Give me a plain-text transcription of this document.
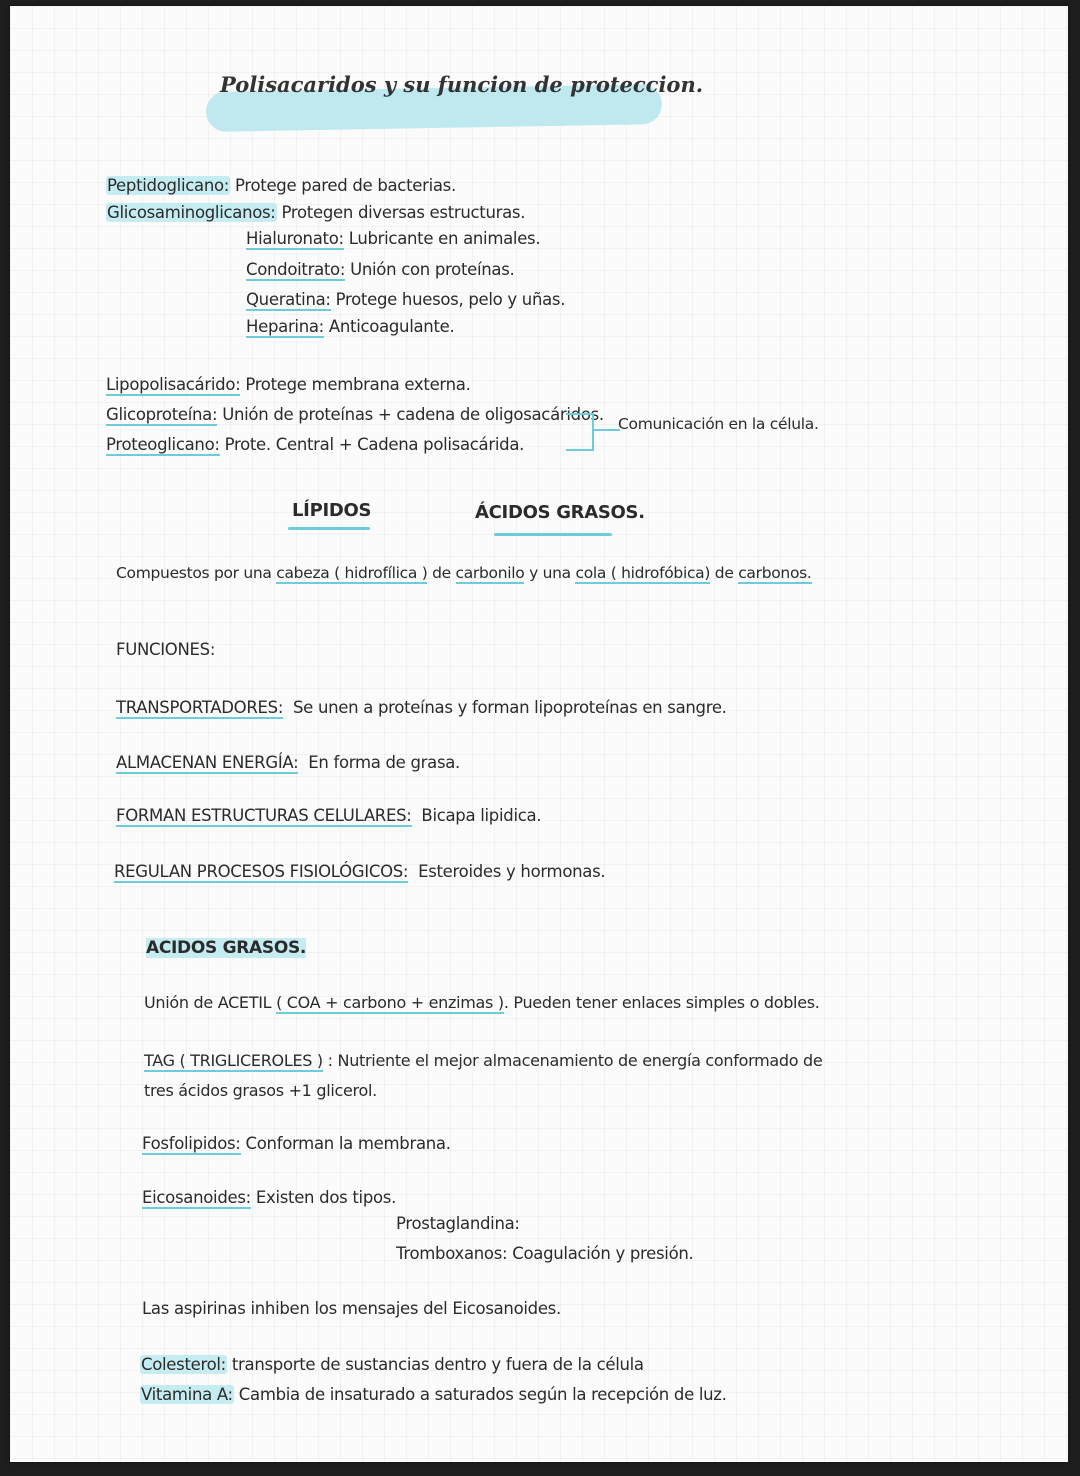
Polisacaridos y su funcion de proteccion.
Peptidoglicano: Protege pared de bacterias.
Glicosaminoglicanos: Protegen diversas estructuras.
Hialuronato: Lubricante en animales.
Condoitrato: Unión con proteínas.
Queratina: Protege huesos, pelo y uñas.
Heparina: Anticoagulante.
Lipopolisacárido: Protege membrana externa.
Glicoproteína: Unión de proteínas + cadena de oligosacáridos.
Proteoglicano: Prote. Central + Cadena polisacárida.
Comunicación en la célula.
LÍPIDOS	ÁCIDOS GRASOS.
Compuestos por una cabeza ( hidrofílica ) de carbonilo y una cola ( hidrofóbica) de carbonos.
FUNCIONES:
TRANSPORTADORES: Se unen a proteínas y forman lipoproteínas en sangre.
ALMACENAN ENERGÍA: En forma de grasa.
FORMAN ESTRUCTURAS CELULARES: Bicapa lipidica.
REGULAN PROCESOS FISIOLÓGICOS: Esteroides y hormonas.
ACIDOS GRASOS.
Unión de ACETIL ( COA + carbono + enzimas ). Pueden tener enlaces simples o dobles.
TAG ( TRIGLICEROLES ) : Nutriente el mejor almacenamiento de energía conformado de
tres ácidos grasos +1 glicerol.
Fosfolipidos: Conforman la membrana.
Eicosanoides: Existen dos tipos.
Prostaglandina:
Tromboxanos: Coagulación y presión.
Las aspirinas inhiben los mensajes del Eicosanoides.
Colesterol: transporte de sustancias dentro y fuera de la célula
Vitamina A: Cambia de insaturado a saturados según la recepción de luz.
